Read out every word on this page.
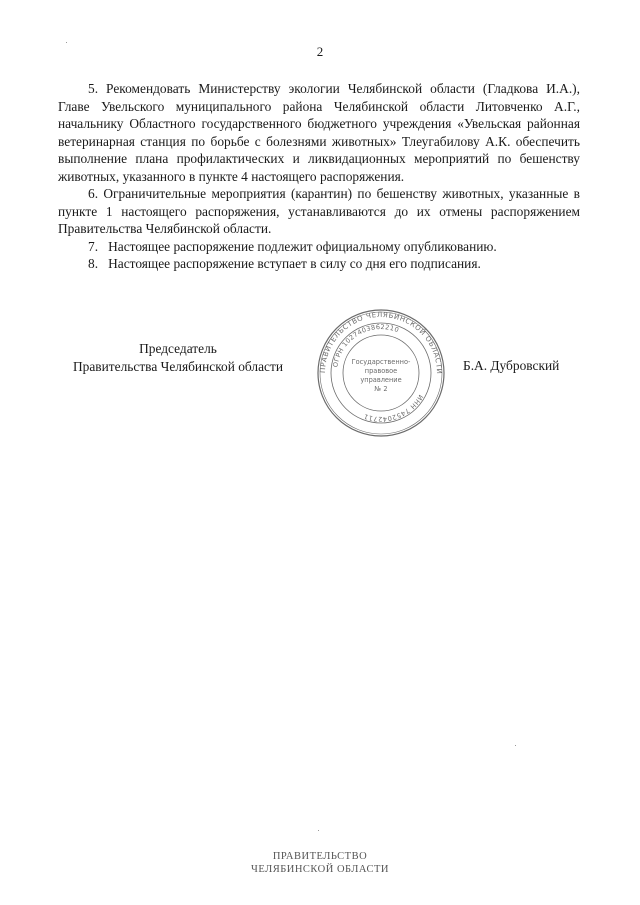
2

5. Рекомендовать Министерству экологии Челябинской области (Гладкова И.А.), Главе Увельского муниципального района Челябинской области Литовченко А.Г., начальнику Областного государственного бюджетного учреждения «Увельская районная ветеринарная станция по борьбе с болезнями животных» Тлеугабилову А.К. обеспечить выполнение плана профилактических и ликвидационных мероприятий по бешенству животных, указанного в пункте 4 настоящего распоряжения.

6. Ограничительные мероприятия (карантин) по бешенству животных, указанные в пункте 1 настоящего распоряжения, устанавливаются до их отмены распоряжением Правительства Челябинской области.

7.   Настоящее распоряжение подлежит официальному опубликованию.

8.   Настоящее распоряжение вступает в силу со дня его подписания.

Председатель
Правительства Челябинской области	ПРАВИТЕЛЬСТВО ЧЕЛЯБИНСКОЙ ОБЛАСТИ
ОГРН 1027403862210
ИНН 7452042711
Государственно-
правовое
управление
№ 2
Б.А. Дубровский
ПРАВИТЕЛЬСТВО
ЧЕЛЯБИНСКОЙ ОБЛАСТИ
